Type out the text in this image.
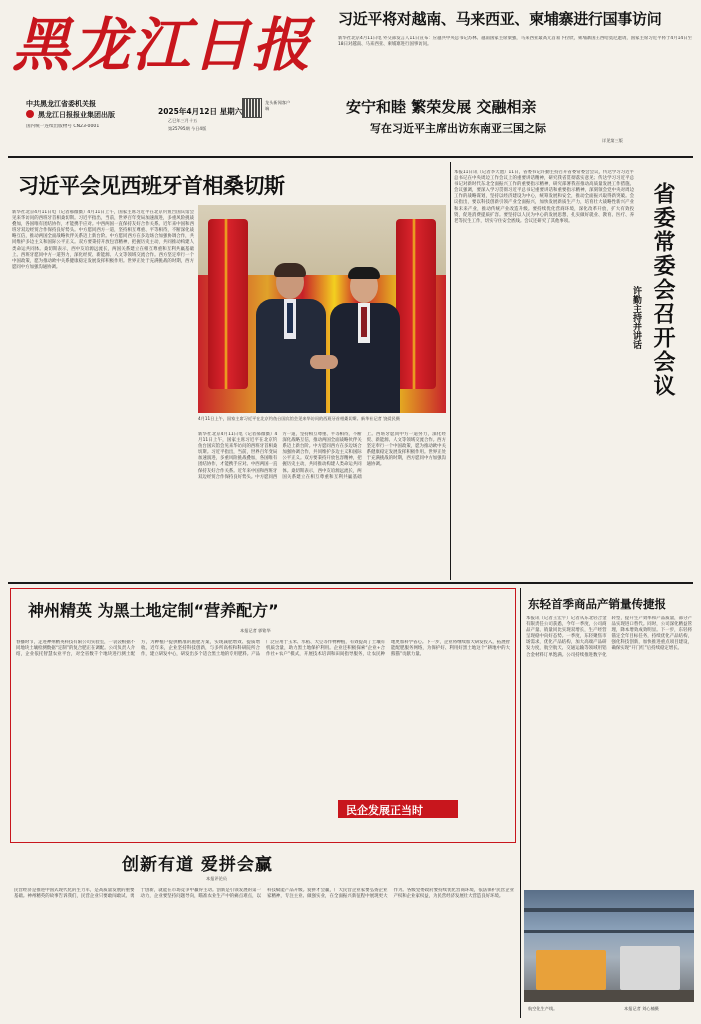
黑龙江日报
中共黑龙江省委机关报
黑龙江日报报业集团出版
国内统一连续出版物号 CN23-0001
龙头新闻客户端
2025年4月12日 星期六
乙巳年三月十五
第25795期 今日4版
习近平将对越南、马来西亚、柬埔寨进行国事访问
新华社北京4月11日电 外交部发言人11日宣布：应越共中央总书记苏林、越南国家主席梁强，马来西亚最高元首易卜拉欣，柬埔寨国王西哈莫尼邀请，国家主席习近平将于4月14日至18日对越南、马来西亚、柬埔寨进行国事访问。
安宁和睦 繁荣发展 交融相亲
写在习近平主席出访东南亚三国之际
详见第三版
习近平会见西班牙首相桑切斯
新华社北京4月11日电（记者郝薇薇）4月11日上午，国家主席习近平在北京钓鱼台国宾馆会见来华访问的西班牙首相桑切斯。习近平指出，当前，世界百年变局加速演进，多重风险挑战叠加，各国唯有团结协作，才能携手应对。中西两国一直保持友好合作关系。近年来中国和西班牙双边经贸合作保持良好势头。中方愿同西方一道，坚持相互尊重、平等相待，不断深化战略互信，推动两国全面战略伙伴关系迈上新台阶。中方愿同西方在多边场合加强协调合作，共同维护多边主义和国际公平正义。双方要秉持开放包容精神，把握历史主动，共同推动构建人类命运共同体。桑切斯表示，西中友谊源远流长，两国关系建立在相互尊重和互利共赢基础上。西班牙愿同中方一道努力，深化经贸、新能源、人文等领域交流合作。西方坚定奉行一个中国政策，愿为推动欧中关系健康稳定发展发挥积极作用。世界正处于充满挑战的时期，西方愿同中方加强沟通协调。
4月11日上午，国家主席习近平在北京钓鱼台国宾馆会见来华访问的西班牙首相桑切斯。新华社记者 饶爱民摄
新华社北京4月11日电（记者郝薇薇）4月11日上午，国家主席习近平在北京钓鱼台国宾馆会见来华访问的西班牙首相桑切斯。习近平指出，当前，世界百年变局加速演进，多重风险挑战叠加，各国唯有团结协作，才能携手应对。中西两国一直保持友好合作关系。近年来中国和西班牙双边经贸合作保持良好势头。中方愿同西方一道，坚持相互尊重、平等相待，不断深化战略互信，推动两国全面战略伙伴关系迈上新台阶。中方愿同西方在多边场合加强协调合作，共同维护多边主义和国际公平正义。双方要秉持开放包容精神，把握历史主动，共同推动构建人类命运共同体。桑切斯表示，西中友谊源远流长，两国关系建立在相互尊重和互利共赢基础上。西班牙愿同中方一道努力，深化经贸、新能源、人文等领域交流合作。西方坚定奉行一个中国政策，愿为推动欧中关系健康稳定发展发挥积极作用。世界正处于充满挑战的时期，西方愿同中方加强沟通协调。
本报11日讯（记者李天池）11日，省委书记许勤主持召开省委常委会会议，传达学习习近平总书记在中央周边工作会议上的重要讲话精神，研究我省贯彻落实意见；传达学习习近平总书记对新时代东北全面振兴工作的重要指示精神，研究部署我省推动高质量发展工作措施。会议强调，要深入学习贯彻习近平总书记重要讲话和重要指示精神，深刻领会党中央对周边工作的战略谋划，坚持以经济建设为中心，统筹发展和安全，推动全面振兴取得新突破。会议指出，要以科技创新引领产业全面振兴，加快发展新质生产力，培育壮大战略性新兴产业和未来产业，推动传统产业改造升级。要持续优化营商环境，深化改革开放，扩大有效投资，促进消费提质扩容。要坚持以人民为中心的发展思想，扎实做好就业、教育、医疗、养老等民生工作，切实守住安全底线。会议还研究了其他事项。	省委常委会召开会议
许勤主持并讲话
神州精英 为黑土地定制“营养配方”
本报记者 郭铭华
春播时节，走进神州精英科技有限公司实验室，一袋袋根据不同地块土壤检测数据“定制”的复合肥正在调配。公司负责人介绍，企业依托智慧农业平台，对全省数千个地块进行测土配方，为种植户提供精准的施肥方案，实现减肥增效、提质增收。近年来，企业坚持科技创新，与多所高校和科研院所合作，建立研发中心，研发出多个适合黑土地的专用肥料。产品广泛应用于玉米、水稻、大豆等作物种植，有效提高了土壤有机质含量，助力黑土地保护利用。企业还积极探索“企业+合作社+农户”模式，开展技术培训和田间指导服务，让农民种地更加科学省心。下一步，企业将继续加大研发投入，拓展智能配肥服务网络，为保护好、利用好黑土地这个“耕地中的大熊猫”贡献力量。
民企发展正当时
创新有道 爱拼会赢
本报评论员
民营经济是推进中国式现代化的生力军，是高质量发展的重要基础。神州精英的故事告诉我们，民营企业只要敢闯敢试、勇于创新，就能在市场竞争中赢得主动。创新是引领发展的第一动力，企业要坚持问题导向，瞄准农业生产中的痛点难点，以科技赋能产品升级。爱拼才会赢，广大民营企业家要弘扬企业家精神，专注主业、做强实业，在全面振兴新征程中展现更大作为。各级党委政府要持续优化营商环境，依法保护民营企业产权和企业家权益，为民营经济发展壮大营造良好环境。
东轻首季商品产销量传捷报
本报讯（记者王宏宇）记者从东北轻合金有限责任公司获悉，今年一季度，公司商品产量、销量同比实现双增长，生产经营呈现稳中向好态势。一季度，东轻聚焦市场需求，优化产品结构，加大高端产品研发力度，航空航天、交通运输等领域用铝合金材料订单饱满。公司持续推进数字化转型，提升生产效率和产品质量，部分产品实现进口替代。同时，公司深化精益管理，降本增效成效明显。下一步，东轻将锚定全年目标任务，持续优化产品结构，强化科技创新，加快推进重点项目建设，确保实现“开门红”后持续稳定增长。
航空化生产线。	本报记者 刘心楠摄
